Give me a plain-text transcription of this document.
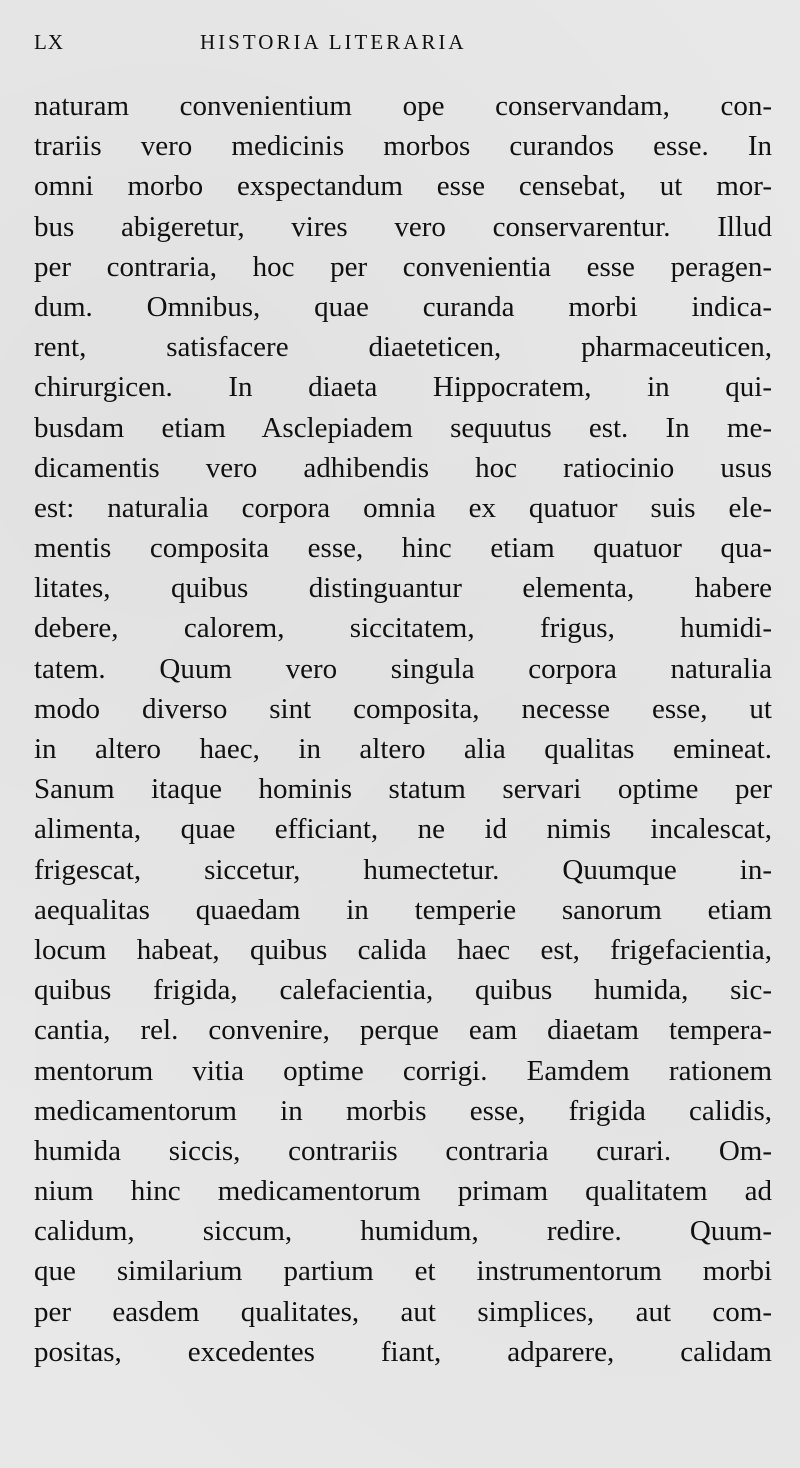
LX	HISTORIA LITERARIA
naturam convenientium ope conservandam, con-
trariis vero medicinis morbos curandos esse. In
omni morbo exspectandum esse censebat, ut mor-
bus abigeretur, vires vero conservarentur. Illud
per contraria, hoc per convenientia esse peragen-
dum. Omnibus, quae curanda morbi indica-
rent, satisfacere diaeteticen, pharmaceuticen,
chirurgicen. In diaeta Hippocratem, in qui-
busdam etiam Asclepiadem sequutus est. In me-
dicamentis vero adhibendis hoc ratiocinio usus
est: naturalia corpora omnia ex quatuor suis ele-
mentis composita esse, hinc etiam quatuor qua-
litates, quibus distinguantur elementa, habere
debere, calorem, siccitatem, frigus, humidi-
tatem. Quum vero singula corpora naturalia
modo diverso sint composita, necesse esse, ut
in altero haec, in altero alia qualitas emineat.
Sanum itaque hominis statum servari optime per
alimenta, quae efficiant, ne id nimis incalescat,
frigescat, siccetur, humectetur. Quumque in-
aequalitas quaedam in temperie sanorum etiam
locum habeat, quibus calida haec est, frigefacientia,
quibus frigida, calefacientia, quibus humida, sic-
cantia, rel. convenire, perque eam diaetam tempera-
mentorum vitia optime corrigi. Eamdem rationem
medicamentorum in morbis esse, frigida calidis,
humida siccis, contrariis contraria curari. Om-
nium hinc medicamentorum primam qualitatem ad
calidum, siccum, humidum, redire. Quum-
que similarium partium et instrumentorum morbi
per easdem qualitates, aut simplices, aut com-
positas, excedentes fiant, adparere, calidam
